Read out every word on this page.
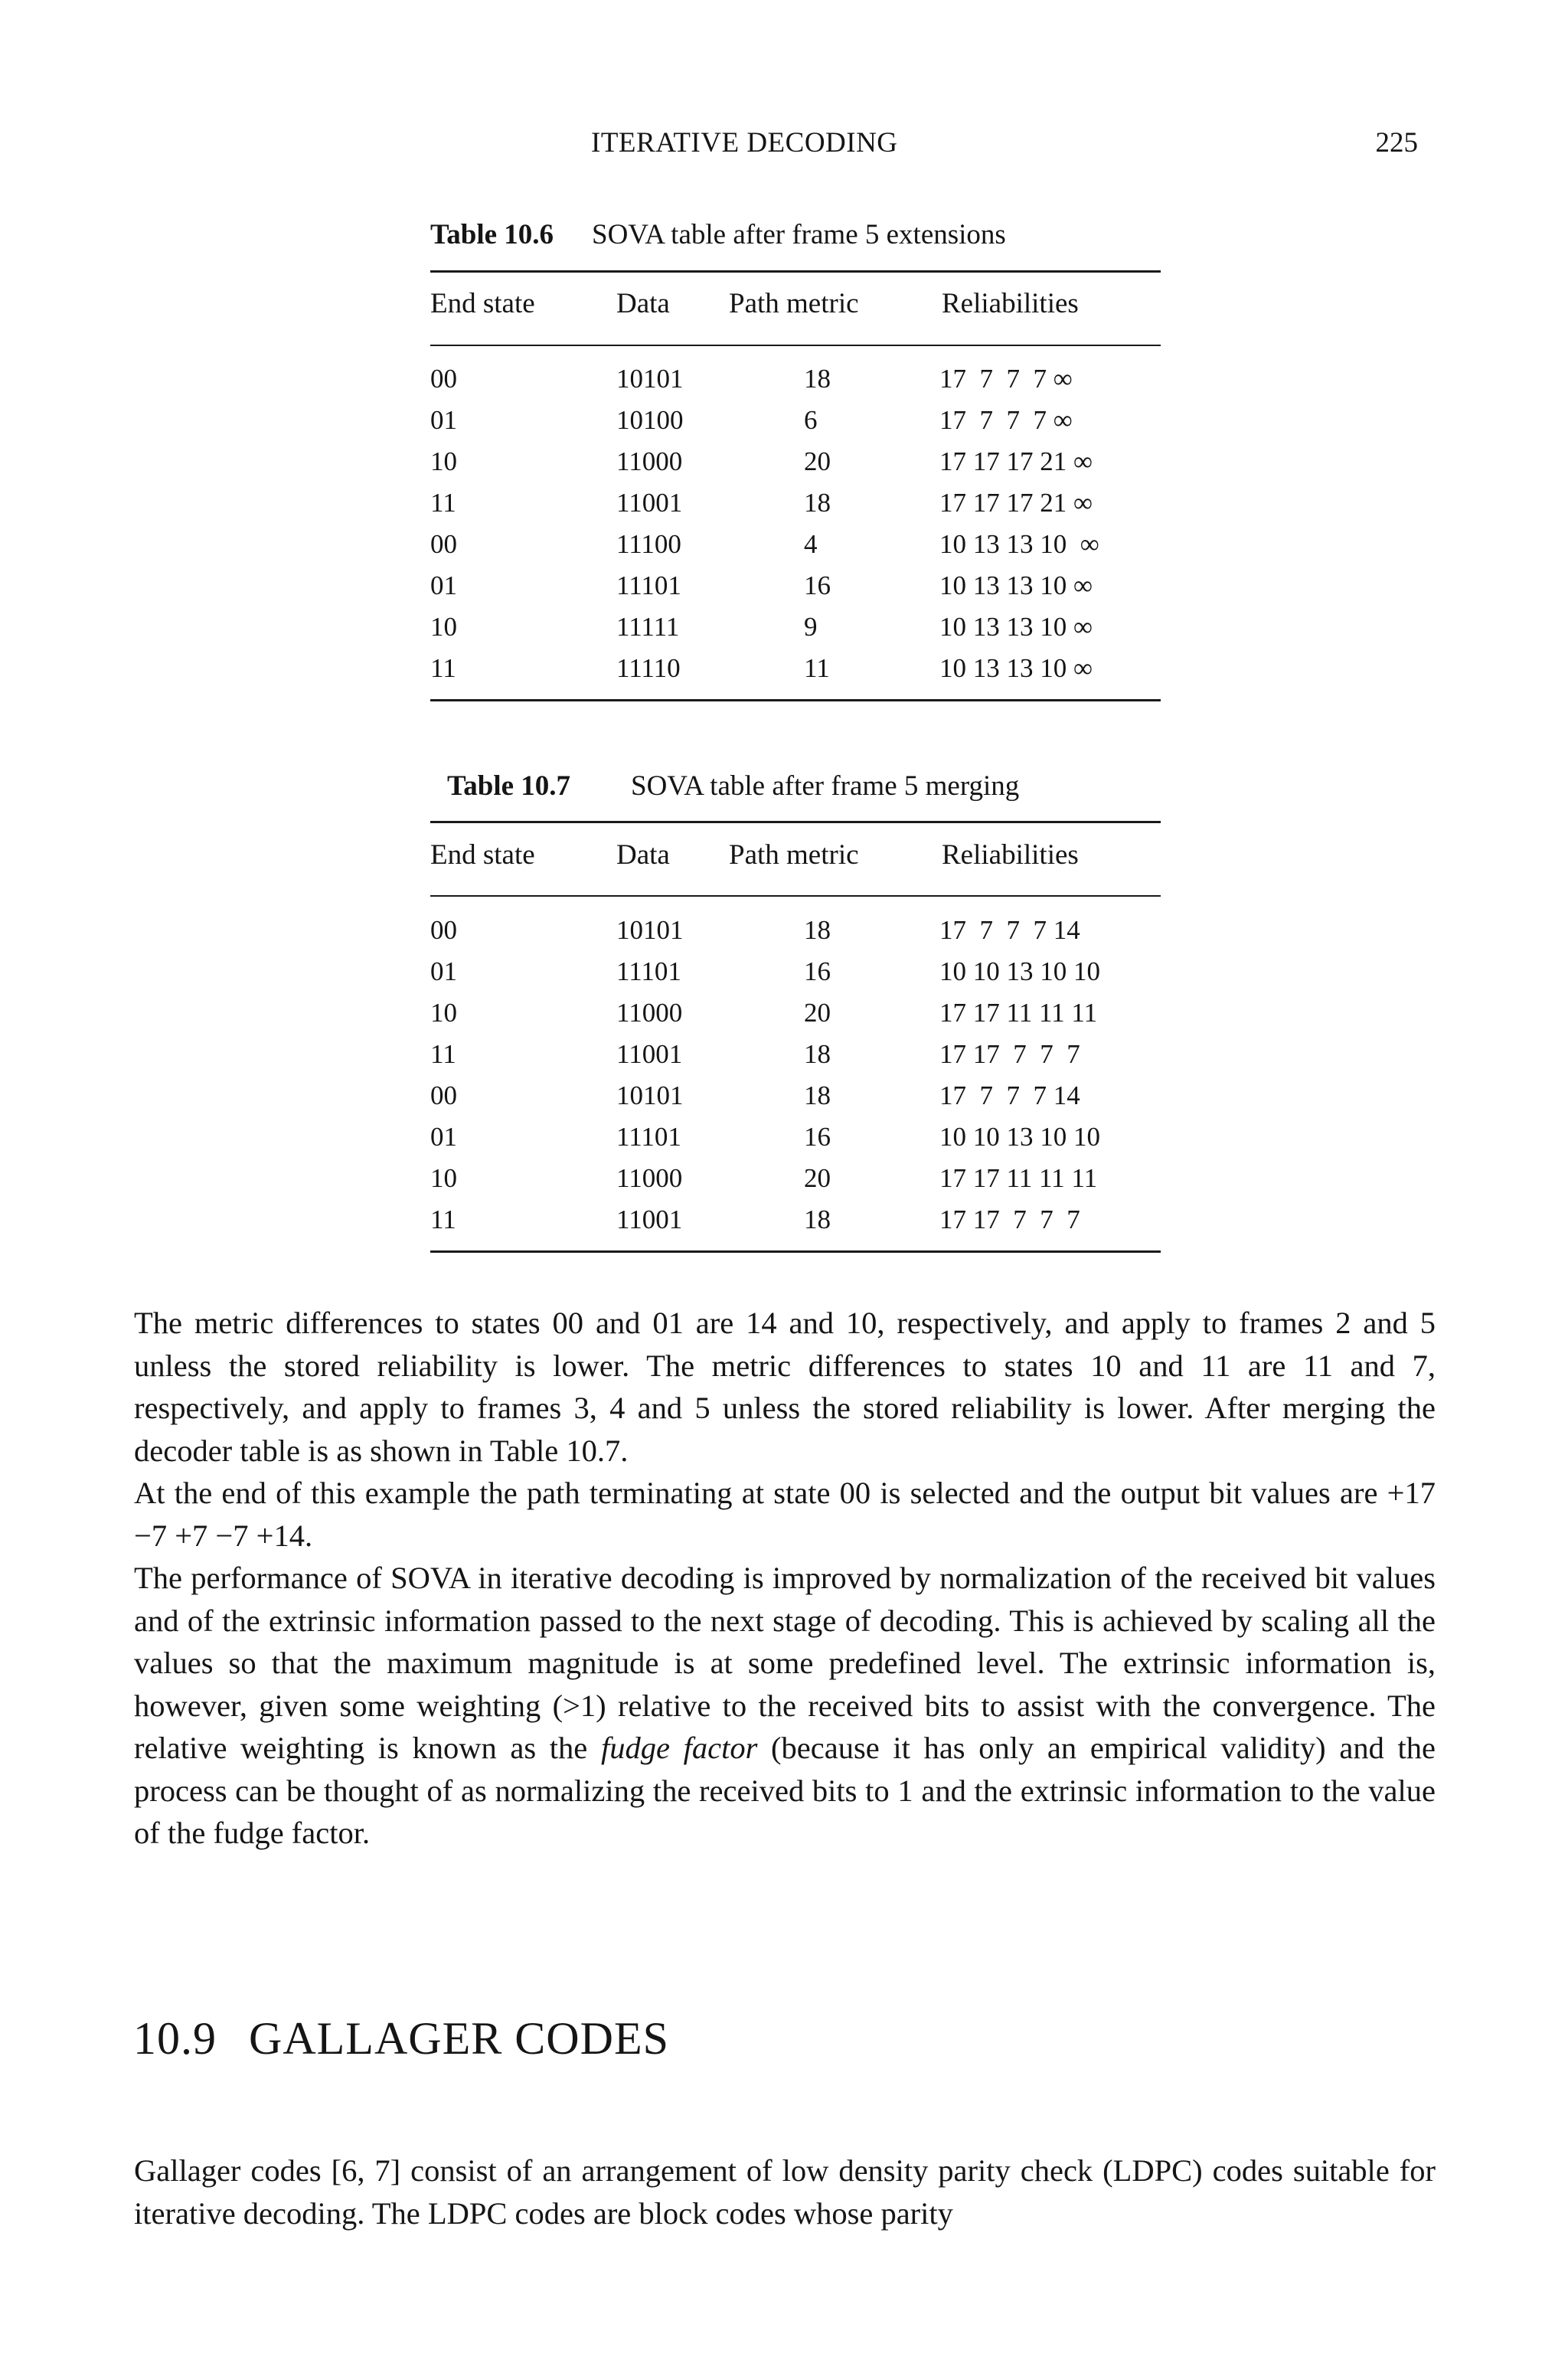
ITERATIVE DECODING	225
Table 10.6 SOVA table after frame 5 extensions
End state	Data Path metric	Reliabilities
00	10101	18	17  7  7  7 ∞
01	10100	6	17  7  7  7 ∞
10	11000	20	17 17 17 21 ∞
11	11001	18	17 17 17 21 ∞
00	11100	4	10 13 13 10  ∞
01	11101	16	10 13 13 10 ∞
10	11111	9	10 13 13 10 ∞
11	11110	11	10 13 13 10 ∞
Table 10.7 SOVA table after frame 5 merging
End state	Data Path metric	Reliabilities
00	10101	18	17  7  7  7 14
01	11101	16	10 10 13 10 10
10	11000	20	17 17 11 11 11
11	11001	18	17 17  7  7  7
00	10101	18	17  7  7  7 14
01	11101	16	10 10 13 10 10
10	11000	20	17 17 11 11 11
11	11001	18	17 17  7  7  7

The metric differences to states 00 and 01 are 14 and 10, respectively, and apply to frames 2 and 5 unless the stored reliability is lower. The metric differences to states 10 and 11 are 11 and 7, respectively, and apply to frames 3, 4 and 5 unless the stored reliability is lower. After merging the decoder table is as shown in Table 10.7.

At the end of this example the path terminating at state 00 is selected and the output bit values are +17 −7 +7 −7 +14.

The performance of SOVA in iterative decoding is improved by normalization of the received bit values and of the extrinsic information passed to the next stage of decoding. This is achieved by scaling all the values so that the maximum magnitude is at some predefined level. The extrinsic information is, however, given some weighting (>1) relative to the received bits to assist with the convergence. The relative weighting is known as the fudge factor (because it has only an empirical validity) and the process can be thought of as normalizing the received bits to 1 and the extrinsic information to the value of the fudge factor.

10.9 GALLAGER CODES

Gallager codes [6, 7] consist of an arrangement of low density parity check (LDPC) codes suitable for iterative decoding. The LDPC codes are block codes whose parity
